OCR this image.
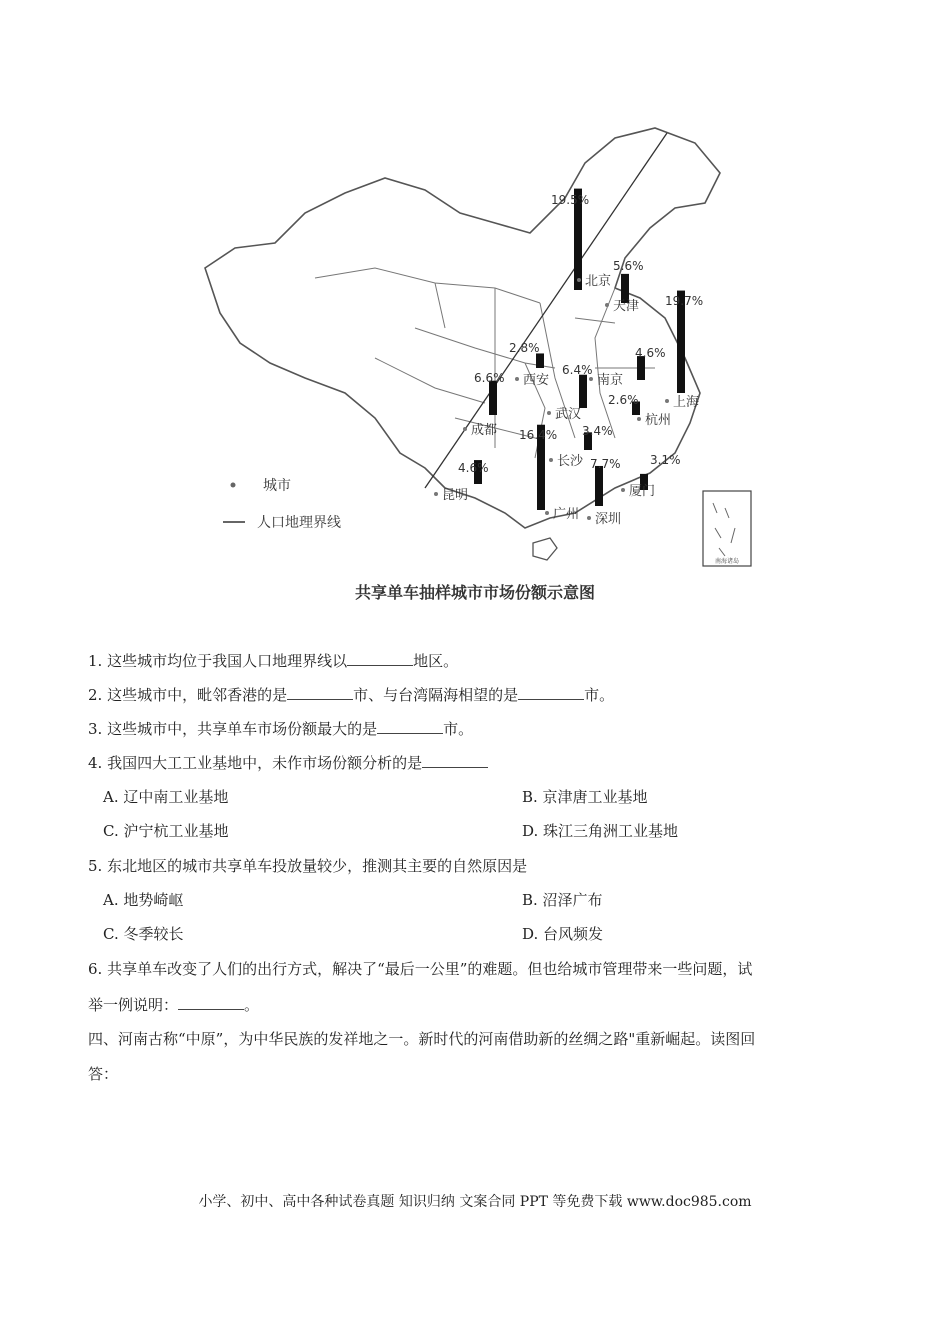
南海诸岛
城市
人口地理界线
19.5%
北京
5.6%
天津 19.7%
上海
4.6%
南京
2.8%
西安
6.4%
武汉
2.6%
杭州
6.6%
成都	3.4%
长沙
16.4%
广州
7.7%
深圳
3.1%
厦门
4.6%
昆明
共享单车抽样城市市场份额示意图
1. 这些城市均位于我国人口地理界线以	地区。
2. 这些城市中，毗邻香港的是	市、与台湾隔海相望的是	市。
3. 这些城市中，共享单车市场份额最大的是	市。
4. 我国四大工工业基地中，未作市场份额分析的是
A. 辽中南工业基地	B. 京津唐工业基地
C. 沪宁杭工业基地	D. 珠江三角洲工业基地
5. 东北地区的城市共享单车投放量较少，推测其主要的自然原因是
A. 地势崎岖	B. 沼泽广布
C. 冬季较长	D. 台风频发
6. 共享单车改变了人们的出行方式，解决了“最后一公里”的难题。但也给城市管理带来一些问题，试
举一例说明：	。
四、河南古称“中原”，为中华民族的发祥地之一。新时代的河南借助新的丝绸之路"重新崛起。读图回
答：
小学、初中、高中各种试卷真题 知识归纳 文案合同 PPT 等免费下载 www.doc985.com
